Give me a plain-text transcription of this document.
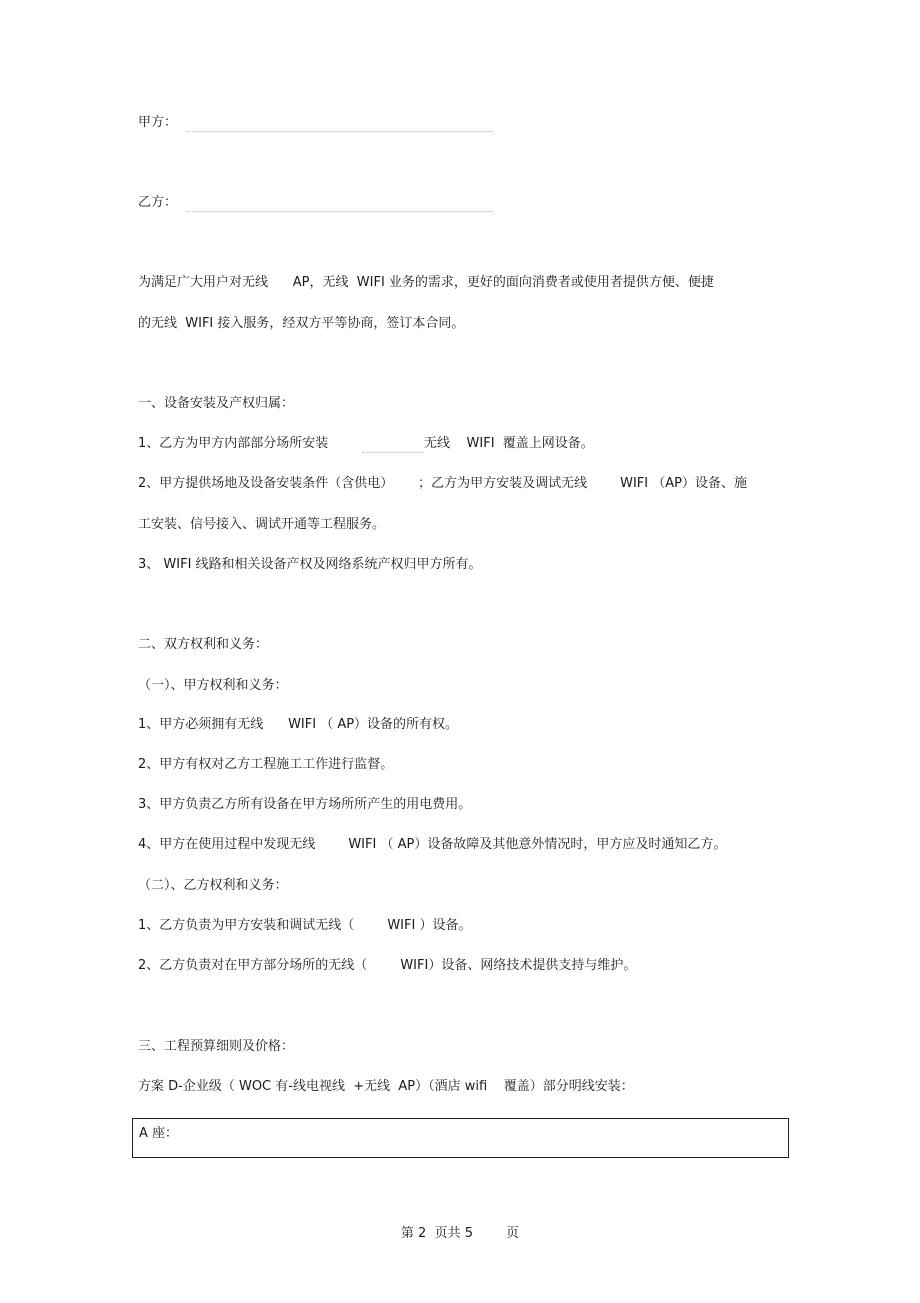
甲方：
乙方：
为满足广大用户对无线      AP，无线  WIFI 业务的需求，更好的面向消费者或使用者提供方便、便捷
的无线  WIFI 接入服务，经双方平等协商，签订本合同。
一、设备安装及产权归属：
1、乙方为甲方内部部分场所安装	无线    WIFI  覆盖上网设备。
2、甲方提供场地及设备安装条件（含供电）      ；乙方为甲方安装及调试无线        WIFI （AP）设备、施
工安装、信号接入、调试开通等工程服务。
3、 WIFI 线路和相关设备产权及网络系统产权归甲方所有。
二、双方权利和义务：
（一）、甲方权利和义务：
1、甲方必须拥有无线      WIFI （ AP）设备的所有权。
2、甲方有权对乙方工程施工工作进行监督。
3、甲方负责乙方所有设备在甲方场所所产生的用电费用。
4、甲方在使用过程中发现无线        WIFI （ AP）设备故障及其他意外情况时，甲方应及时通知乙方。
（二）、乙方权利和义务：
1、乙方负责为甲方安装和调试无线（        WIFI ）设备。
2、乙方负责对在甲方部分场所的无线（        WIFI）设备、网络技术提供支持与维护。
三、工程预算细则及价格：
方案 D-企业级（ WOC 有-线电视线  +无线  AP）（酒店 wifi    覆盖）部分明线安装：
A 座：
第 2  页共 5        页
